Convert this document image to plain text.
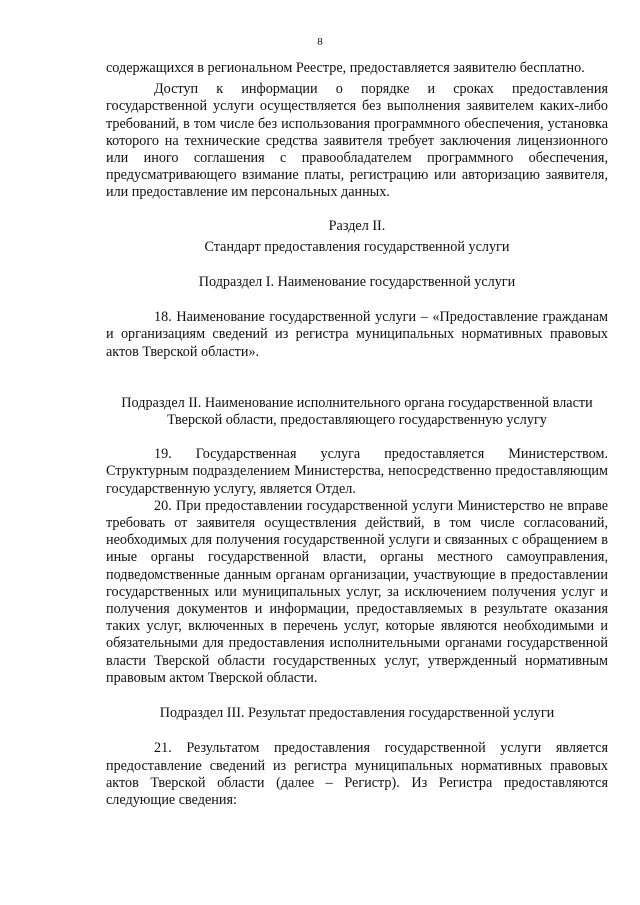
8

содержащихся в региональном Реестре, предоставляется заявителю бесплатно.

Доступ к информации о порядке и сроках предоставления государственной услуги осуществляется без выполнения заявителем каких-либо требований, в том числе без использования программного обеспечения, установка которого на технические средства заявителя требует заключения лицензионного или иного соглашения с правообладателем программного обеспечения, предусматривающего взимание платы, регистрацию или авторизацию заявителя, или предоставление им персональных данных.

Раздел II.
Стандарт предоставления государственной услуги
Подраздел I. Наименование государственной услуги

18. Наименование государственной услуги – «Предоставление гражданам и организациям сведений из регистра муниципальных нормативных правовых актов Тверской области».

Подраздел II. Наименование исполнительного органа государственной власти Тверской области, предоставляющего государственную услугу

19. Государственная услуга предоставляется Министерством. Структурным подразделением Министерства, непосредственно предоставляющим государственную услугу, является Отдел.

20. При предоставлении государственной услуги Министерство не вправе требовать от заявителя осуществления действий, в том числе согласований, необходимых для получения государственной услуги и связанных с обращением в иные органы государственной власти, органы местного самоуправления, подведомственные данным органам организации, участвующие в предоставлении государственных или муниципальных услуг, за исключением получения услуг и получения документов и информации, предоставляемых в результате оказания таких услуг, включенных в перечень услуг, которые являются необходимыми и обязательными для предоставления исполнительными органами государственной власти Тверской области государственных услуг, утвержденный нормативным правовым актом Тверской области.

Подраздел III. Результат предоставления государственной услуги

21. Результатом предоставления государственной услуги является предоставление сведений из регистра муниципальных нормативных правовых актов Тверской области (далее – Регистр). Из Регистра предоставляются следующие сведения:
